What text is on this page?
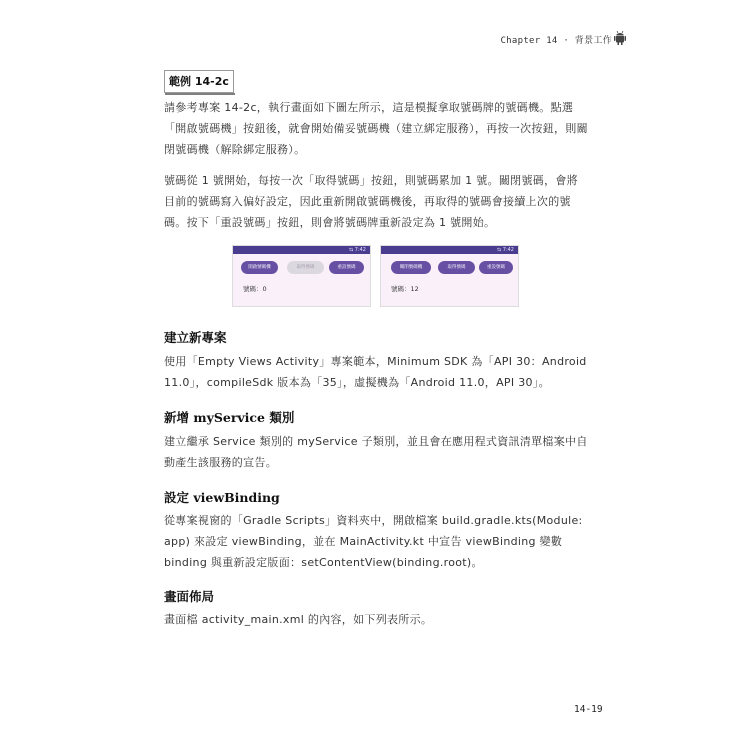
Chapter 14 · 背景工作
範例 14-2c

請參考專案 14-2c，執行畫面如下圖左所示，這是模擬拿取號碼牌的號碼機。點選「開啟號碼機」按鈕後，就會開始備妥號碼機（建立綁定服務），再按一次按鈕，則關閉號碼機（解除綁定服務）。

號碼從 1 號開始，每按一次「取得號碼」按鈕，則號碼累加 1 號。關閉號碼，會將目前的號碼寫入偏好設定，因此重新開啟號碼機後，再取得的號碼會接續上次的號碼。按下「重設號碼」按鈕，則會將號碼牌重新設定為 1 號開始。

⇆ 7:42
開啟號碼機	取得號碼	重設號碼
號碼：0
⇆ 7:42
關閉號碼機	取得號碼	重設號碼
號碼：12
建立新專案

使用「Empty Views Activity」專案範本，Minimum SDK 為「API 30：Android 11.0」，compileSdk 版本為「35」，虛擬機為「Android 11.0，API 30」。

新增 myService 類別

建立繼承 Service 類別的 myService 子類別，並且會在應用程式資訊清單檔案中自動產生該服務的宣告。

設定 viewBinding

從專案視窗的「Gradle Scripts」資料夾中，開啟檔案 build.gradle.kts(Module: app) 來設定 viewBinding，並在 MainActivity.kt 中宣告 viewBinding 變數 binding 與重新設定版面：setContentView(binding.root)。

畫面佈局

畫面檔 activity_main.xml 的內容，如下列表所示。

14-19
